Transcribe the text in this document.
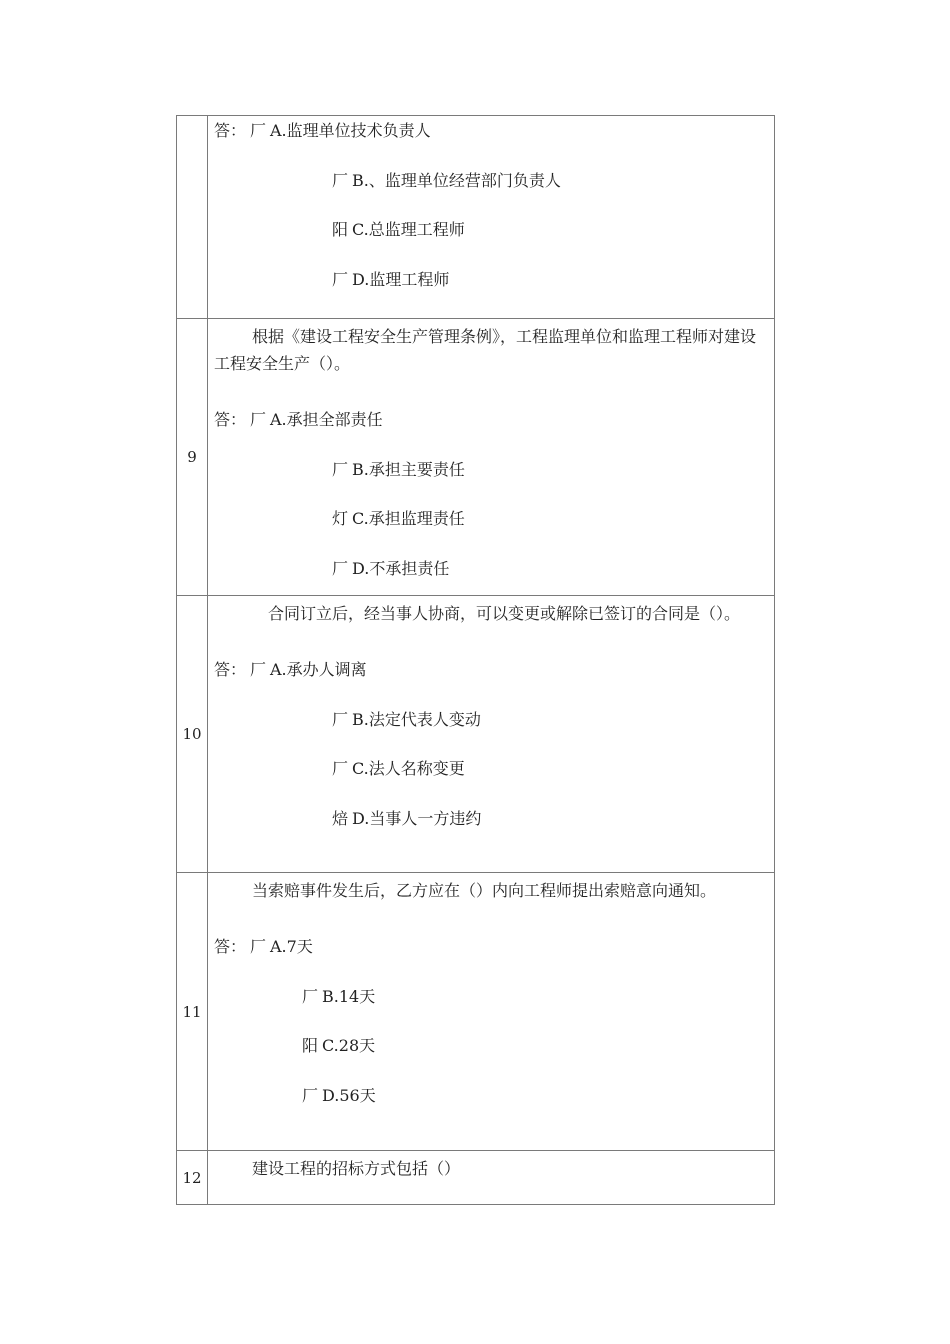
	答： 厂 A.监理单位技术负责人
厂 B.、监理单位经营部门负责人
阳 C.总监理工程师
厂 D.监理工程师

9	根据《建设工程安全生产管理条例》，工程监理单位和监理工程师对建设工程安全生产（）。
答： 厂 A.承担全部责任
厂 B.承担主要责任
灯 C.承担监理责任
厂 D.不承担责任

10	合同订立后，经当事人协商，可以变更或解除已签订的合同是（）。
答： 厂 A.承办人调离
厂 B.法定代表人变动
厂 C.法人名称变更
焙 D.当事人一方违约

11	当索赔事件发生后，乙方应在（）内向工程师提出索赔意向通知。
答： 厂 A.7天
厂 B.14天
阳 C.28天
厂 D.56天

12	建设工程的招标方式包括（）
